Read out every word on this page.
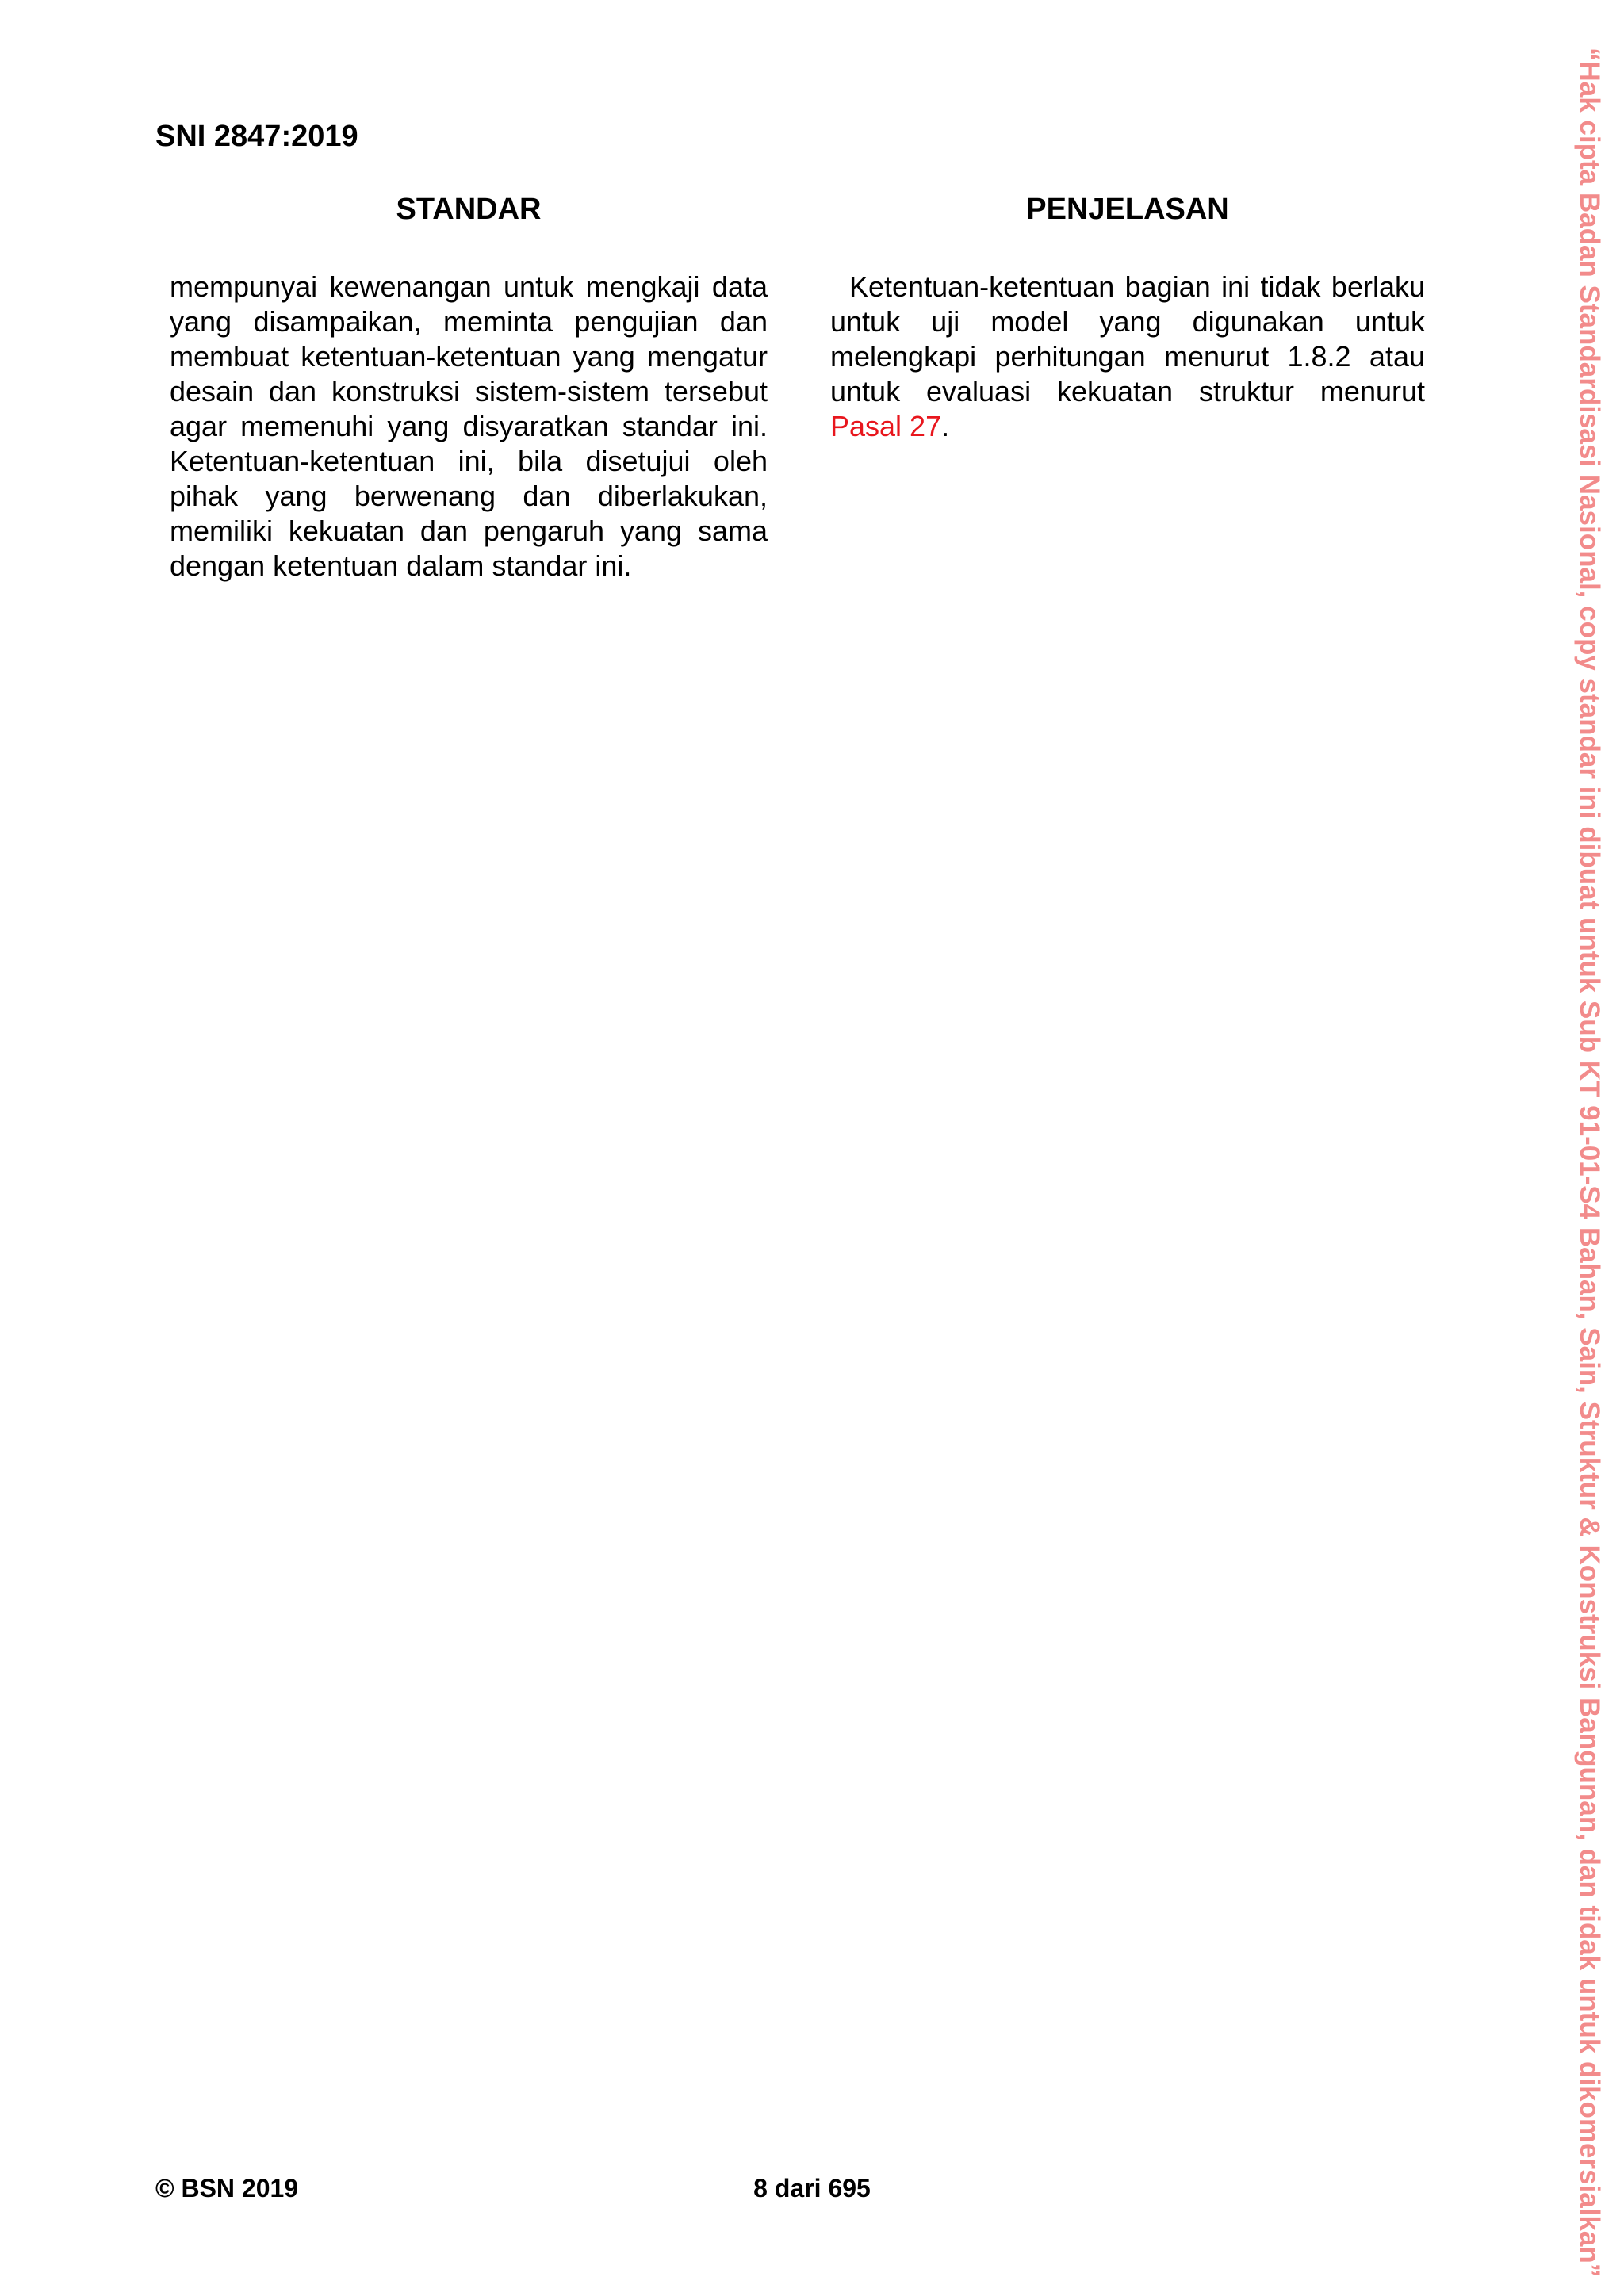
SNI 2847:2019
STANDAR	PENJELASAN

mempunyai kewenangan untuk mengkaji data yang disampaikan, meminta pengujian dan membuat ketentuan-ketentuan yang mengatur desain dan konstruksi sistem-sistem tersebut agar memenuhi yang disyaratkan standar ini. Ketentuan-ketentuan ini, bila disetujui oleh pihak yang berwenang dan diberlakukan, memiliki kekuatan dan pengaruh yang sama dengan ketentuan dalam standar ini.

Ketentuan-ketentuan bagian ini tidak berlaku untuk uji model yang digunakan untuk melengkapi perhitungan menurut 1.8.2 atau untuk evaluasi kekuatan struktur menurut Pasal 27.

© BSN 2019	8 dari 695	“Hak cipta Badan Standardisasi Nasional, copy standar ini dibuat untuk Sub KT 91-01-S4 Bahan, Sain, Struktur & Konstruksi Bangunan, dan tidak untuk dikomersialkan”
